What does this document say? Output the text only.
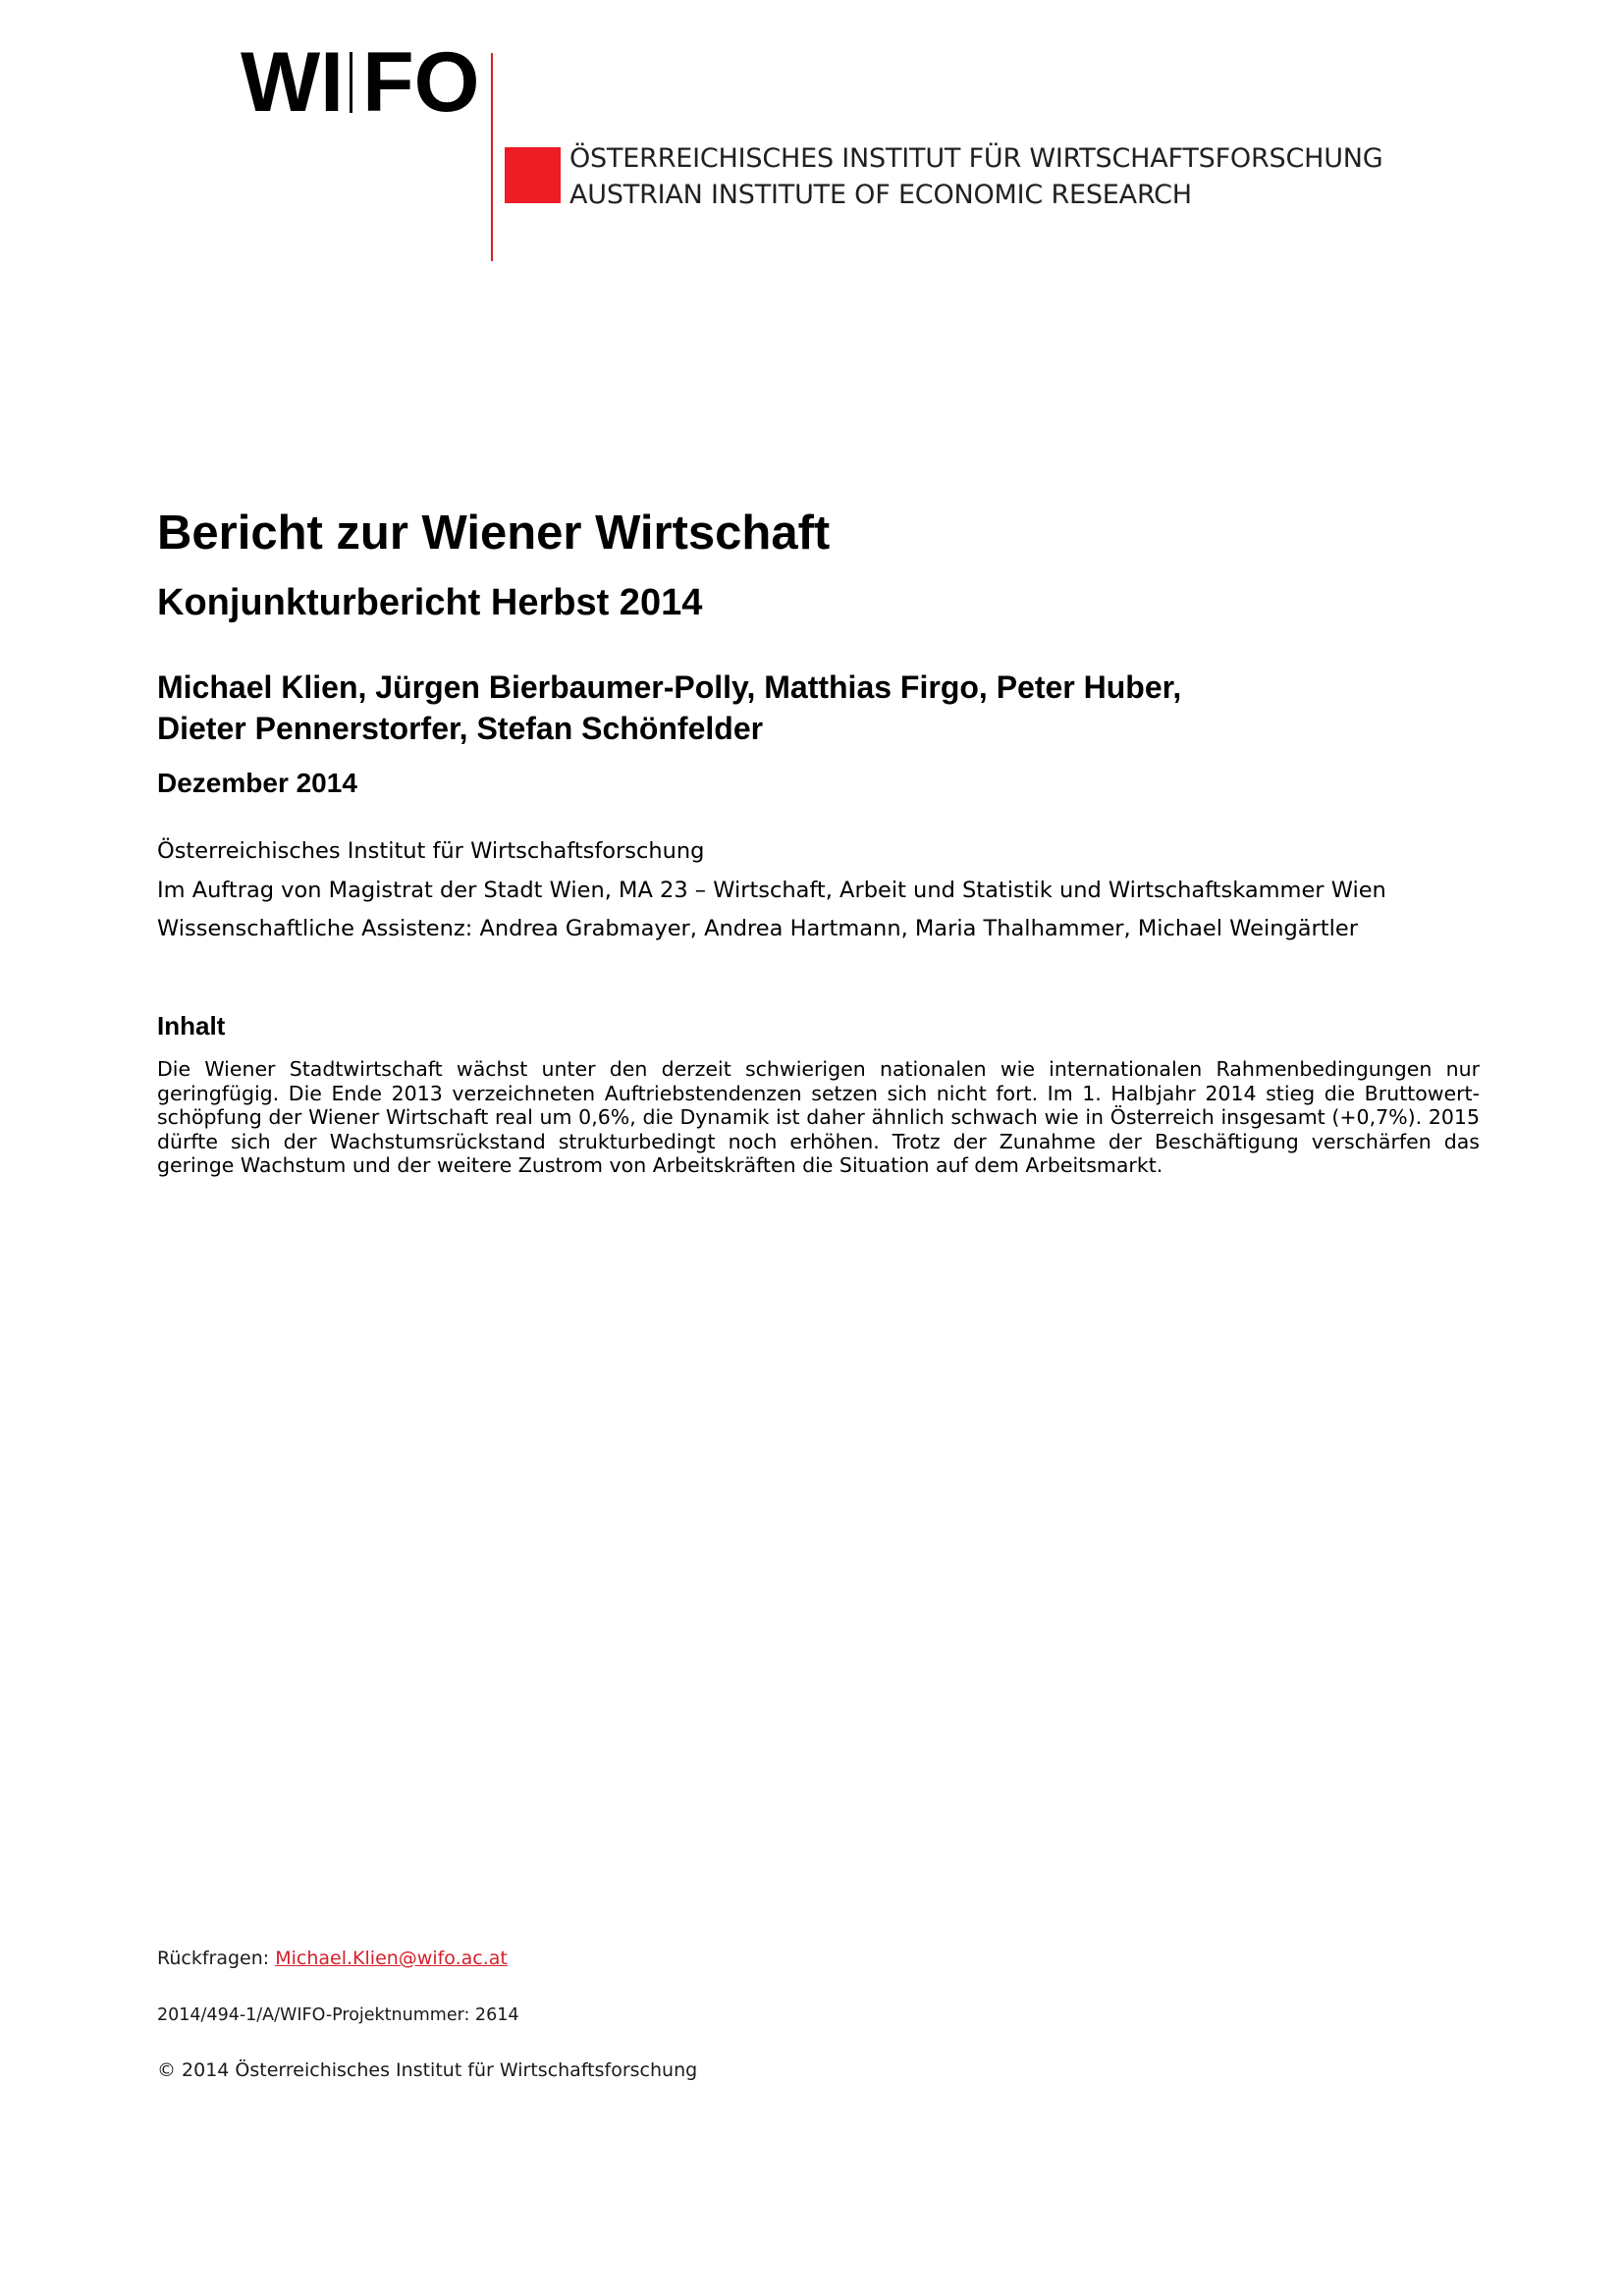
WI FO
ÖSTERREICHISCHES INSTITUT FÜR WIRTSCHAFTSFORSCHUNG
AUSTRIAN INSTITUTE OF ECONOMIC RESEARCH
Bericht zur Wiener Wirtschaft
Konjunkturbericht Herbst 2014
Michael Klien, Jürgen Bierbaumer-Polly, Matthias Firgo, Peter Huber,
Dieter Pennerstorfer, Stefan Schönfelder
Dezember 2014
Österreichisches Institut für Wirtschaftsforschung
Im Auftrag von Magistrat der Stadt Wien, MA 23 – Wirtschaft, Arbeit und Statistik und Wirtschaftskammer Wien
Wissenschaftliche Assistenz: Andrea Grabmayer, Andrea Hartmann, Maria Thalhammer, Michael Weingärtler
Inhalt
Die Wiener Stadtwirtschaft wächst unter den derzeit schwierigen nationalen wie internationalen Rahmenbedingungen nur geringfügig. Die Ende 2013 verzeichneten Auftriebstendenzen setzen sich nicht fort. Im 1. Halbjahr 2014 stieg die Bruttowertschöpfung der Wiener Wirtschaft real um 0,6%, die Dynamik ist daher ähnlich schwach wie in Österreich insgesamt (+0,7%). 2015 dürfte sich der Wachstumsrückstand strukturbedingt noch erhöhen. Trotz der Zunahme der Beschäftigung verschärfen das geringe Wachstum und der weitere Zustrom von Arbeitskräften die Situation auf dem Arbeitsmarkt.
Rückfragen: Michael.Klien@wifo.ac.at
2014/494-1/A/WIFO-Projektnummer: 2614
© 2014 Österreichisches Institut für Wirtschaftsforschung
